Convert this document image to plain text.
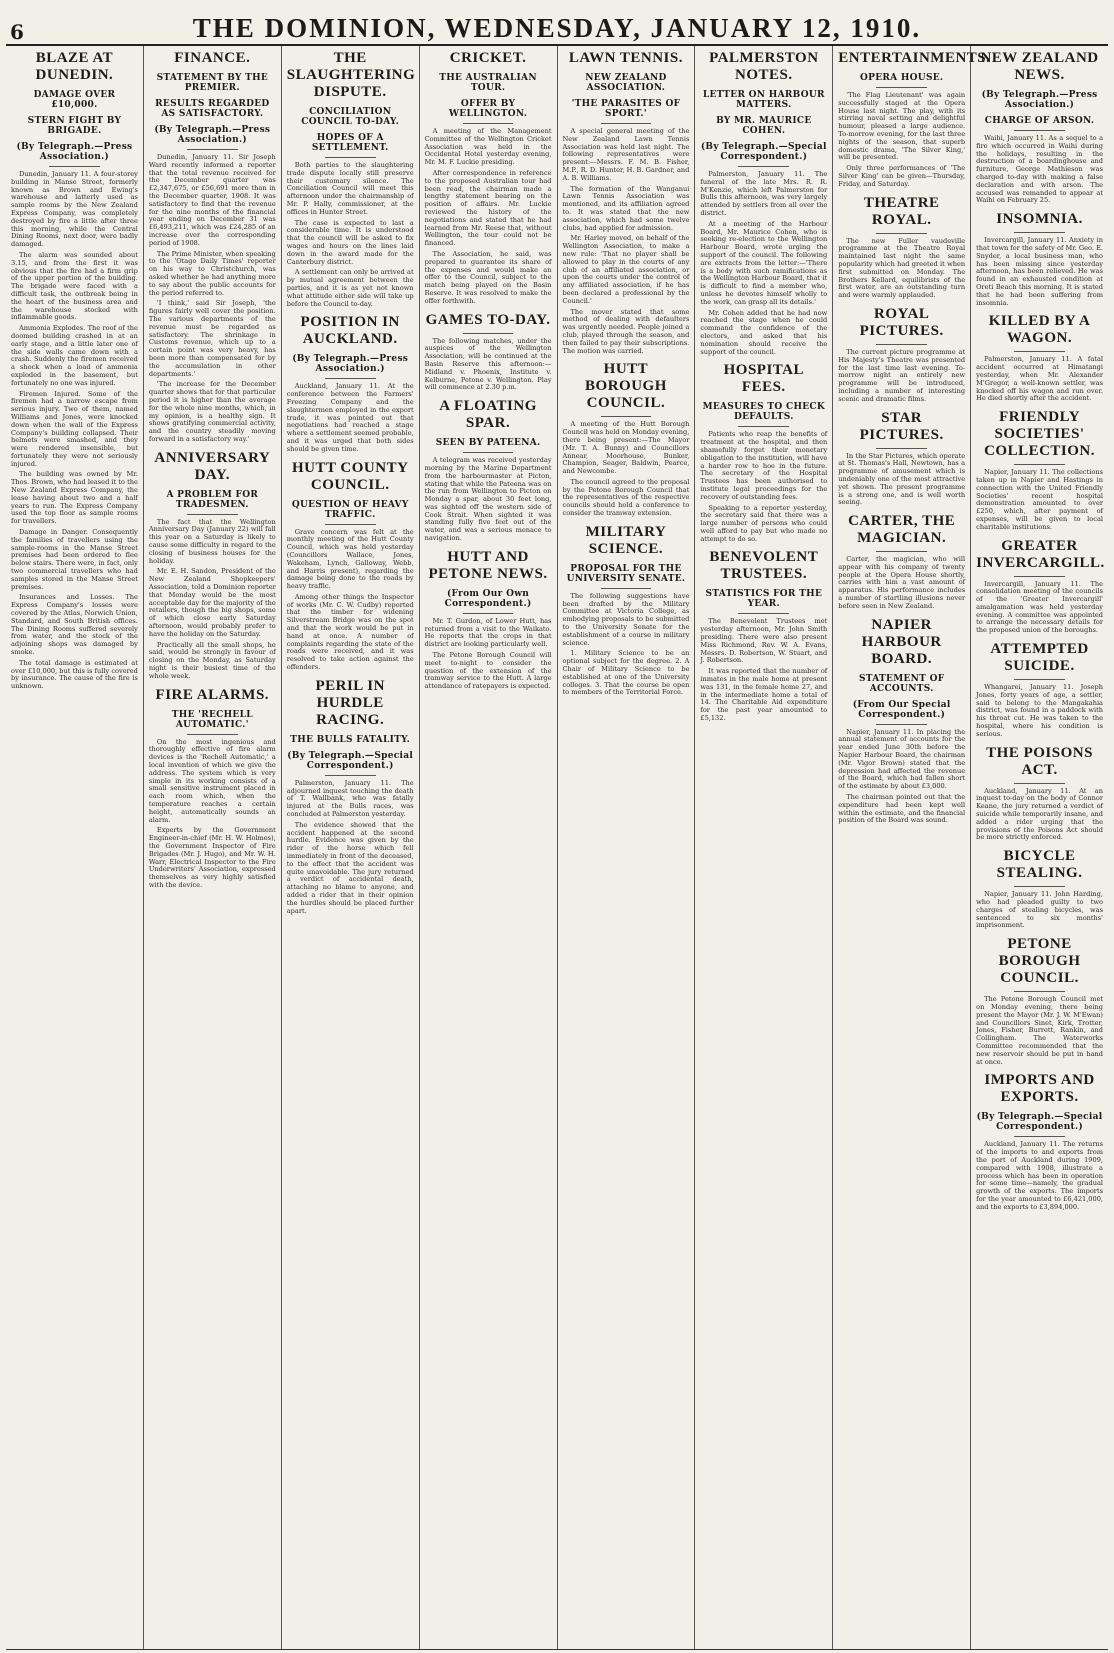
6	THE DOMINION, WEDNESDAY, JANUARY 12, 1910.
BLAZE AT DUNEDIN.
DAMAGE OVER £10,000.
STERN FIGHT BY BRIGADE.
(By Telegraph.—Press Association.)

Dunedin, January 11. A four-storey building in Manse Street, formerly known as Brown and Ewing's warehouse and latterly used as sample rooms by the New Zealand Express Company, was completely destroyed by fire a little after three this morning, while the Central Dining Rooms, next door, were badly damaged.

The alarm was sounded about 3.15, and from the first it was obvious that the fire had a firm grip of the upper portion of the building. The brigade were faced with a difficult task, the outbreak being in the heart of the business area and the warehouse stocked with inflammable goods.

Ammonia Explodes. The roof of the doomed building crashed in at an early stage, and a little later one of the side walls came down with a crash. Suddenly the firemen received a shock when a load of ammonia exploded in the basement, but fortunately no one was injured.

Firemen Injured. Some of the firemen had a narrow escape from serious injury. Two of them, named Williams and Jones, were knocked down when the wall of the Express Company's building collapsed. Their helmets were smashed, and they were rendered insensible, but fortunately they were not seriously injured.

The building was owned by Mr. Thos. Brown, who had leased it to the New Zealand Express Company, the lease having about two and a half years to run. The Express Company used the top floor as sample rooms for travellers.

Damage in Danger. Consequently the families of travellers using the sample-rooms in the Manse Street premises had been ordered to flee below stairs. There were, in fact, only two commercial travellers who had samples stored in the Manse Street premises.

Insurances and Losses. The Express Company's losses were covered by the Atlas, Norwich Union, Standard, and South British offices. The Dining Rooms suffered severely from water, and the stock of the adjoining shops was damaged by smoke.

The total damage is estimated at over £10,000, but this is fully covered by insurance. The cause of the fire is unknown.

FINANCE.
STATEMENT BY THE PREMIER.
RESULTS REGARDED AS SATISFACTORY.
(By Telegraph.—Press Association.)

Dunedin, January 11. Sir Joseph Ward recently informed a reporter that the total revenue received for the December quarter was £2,347,675, or £56,691 more than in the December quarter, 1908. It was satisfactory to find that the revenue for the nine months of the financial year ending on December 31 was £6,493,211, which was £24,285 of an increase over the corresponding period of 1908.

The Prime Minister, when speaking to the 'Otago Daily Times' reporter on his way to Christchurch, was asked whether he had anything more to say about the public accounts for the period referred to.

'I think,' said Sir Joseph, 'the figures fairly well cover the position. The various departments of the revenue must be regarded as satisfactory. The shrinkage in Customs revenue, which up to a certain point was very heavy, has been more than compensated for by the accumulation in other departments.'

'The increase for the December quarter shows that for that particular period it is higher than the average for the whole nine months, which, in my opinion, is a healthy sign. It shows gratifying commercial activity, and the country steadily moving forward in a satisfactory way.'

ANNIVERSARY DAY.
A PROBLEM FOR TRADESMEN.

The fact that the Wellington Anniversary Day (January 22) will fall this year on a Saturday is likely to cause some difficulty in regard to the closing of business houses for the holiday.

Mr. E. H. Sandon, President of the New Zealand Shopkeepers' Association, told a Dominion reporter that Monday would be the most acceptable day for the majority of the retailers, though the big shops, some of which close early Saturday afternoon, would probably prefer to have the holiday on the Saturday.

Practically all the small shops, he said, would be strongly in favour of closing on the Monday, as Saturday night is their busiest time of the whole week.

FIRE ALARMS.
THE 'RECHELL AUTOMATIC.'

On the most ingenious and thoroughly effective of fire alarm devices is the 'Rechell Automatic,' a local invention of which we give the address. The system which is very simple in its working consists of a small sensitive instrument placed in each room which, when the temperature reaches a certain height, automatically sounds an alarm.

Experts by the Government Engineer-in-chief (Mr. H. W. Holmes), the Government Inspector of Fire Brigades (Mr. J. Hugo), and Mr. W. H. Warr, Electrical Inspector to the Fire Underwriters' Association, expressed themselves as very highly satisfied with the device.

THE SLAUGHTERING DISPUTE.
CONCILIATION COUNCIL TO-DAY.
HOPES OF A SETTLEMENT.

Both parties to the slaughtering trade dispute locally still preserve their customary silence. The Conciliation Council will meet this afternoon under the chairmanship of Mr. P. Hally, commissioner, at the offices in Hunter Street.

The case is expected to last a considerable time. It is understood that the council will be asked to fix wages and hours on the lines laid down in the award made for the Canterbury district.

A settlement can only be arrived at by mutual agreement between the parties, and it is as yet not known what attitude either side will take up before the Council to-day.

POSITION IN AUCKLAND.
(By Telegraph.—Press Association.)

Auckland, January 11. At the conference between the Farmers' Freezing Company and the slaughtermen employed in the export trade, it was pointed out that negotiations had reached a stage where a settlement seemed probable, and it was urged that both sides should be given time.

HUTT COUNTY COUNCIL.
QUESTION OF HEAVY TRAFFIC.

Grave concern was felt at the monthly meeting of the Hutt County Council, which was held yesterday (Councillors Wallace, Jones, Wakeham, Lynch, Galloway, Webb, and Harris present), regarding the damage being done to the roads by heavy traffic.

Among other things the Inspector of works (Mr. C. W. Cudby) reported that the timber for widening Silverstream Bridge was on the spot and that the work would be put in hand at once. A number of complaints regarding the state of the roads were received, and it was resolved to take action against the offenders.

PERIL IN HURDLE RACING.
THE BULLS FATALITY.
(By Telegraph.—Special Correspondent.)

Palmerston, January 11. The adjourned inquest touching the death of T. Wallbank, who was fatally injured at the Bulls races, was concluded at Palmerston yesterday.

The evidence showed that the accident happened at the second hurdle. Evidence was given by the rider of the horse which fell immediately in front of the deceased, to the effect that the accident was quite unavoidable. The jury returned a verdict of accidental death, attaching no blame to anyone, and added a rider that in their opinion the hurdles should be placed further apart.

CRICKET.
THE AUSTRALIAN TOUR.
OFFER BY WELLINGTON.

A meeting of the Management Committee of the Wellington Cricket Association was held in the Occidental Hotel yesterday evening, Mr. M. F. Luckie presiding.

After correspondence in reference to the proposed Australian tour had been read, the chairman made a lengthy statement bearing on the position of affairs. Mr. Luckie reviewed the history of the negotiations and stated that he had learned from Mr. Reese that, without Wellington, the tour could not be financed.

The Association, he said, was prepared to guarantee its share of the expenses and would make an offer to the Council, subject to the match being played on the Basin Reserve. It was resolved to make the offer forthwith.

GAMES TO-DAY.

The following matches, under the auspices of the Wellington Association, will be continued at the Basin Reserve this afternoon:—Midland v. Phoenix, Institute v. Kelburne, Petone v. Wellington. Play will commence at 2.30 p.m.

A FLOATING SPAR.
SEEN BY PATEENA.

A telegram was received yesterday morning by the Marine Department from the harbourmaster at Picton, stating that while the Pateena was on the run from Wellington to Picton on Monday a spar, about 30 feet long, was sighted off the western side of Cook Strait. When sighted it was standing fully five feet out of the water, and was a serious menace to navigation.

HUTT AND PETONE NEWS.
(From Our Own Correspondent.)

Mr. T. Gurdon, of Lower Hutt, has returned from a visit to the Waikato. He reports that the crops in that district are looking particularly well.

The Petone Borough Council will meet to-night to consider the question of the extension of the tramway service to the Hutt. A large attendance of ratepayers is expected.

LAWN TENNIS.
NEW ZEALAND ASSOCIATION.
'THE PARASITES OF SPORT.'

A special general meeting of the New Zealand Lawn Tennis Association was held last night. The following representatives were present:—Messrs. F. M. B. Fisher, M.P., R. D. Hunter, H. B. Gardner, and A. B. Williams.

The formation of the Wanganui Lawn Tennis Association was mentioned, and its affiliation agreed to. It was stated that the new association, which had some twelve clubs, had applied for admission.

Mr. Harley moved, on behalf of the Wellington Association, to make a new rule: 'That no player shall be allowed to play in the courts of any club of an affiliated association, or upon the courts under the control of any affiliated association, if he has been declared a professional by the Council.'

The mover stated that some method of dealing with defaulters was urgently needed. People joined a club, played through the season, and then failed to pay their subscriptions. The motion was carried.

HUTT BOROUGH COUNCIL.

A meeting of the Hutt Borough Council was held on Monday evening, there being present:—The Mayor (Mr. T. A. Bunny) and Councillors Annear, Moorhouse, Bunker, Champion, Seager, Baldwin, Pearce, and Newcombe.

The council agreed to the proposal by the Petone Borough Council that the representatives of the respective councils should hold a conference to consider the tramway extension.

MILITARY SCIENCE.
PROPOSAL FOR THE UNIVERSITY SENATE.

The following suggestions have been drafted by the Military Committee at Victoria College, as embodying proposals to be submitted to the University Senate for the establishment of a course in military science.

1. Military Science to be an optional subject for the degree. 2. A Chair of Military Science to be established at one of the University colleges. 3. That the course be open to members of the Territorial Force.

PALMERSTON NOTES.
LETTER ON HARBOUR MATTERS.
BY MR. MAURICE COHEN.
(By Telegraph.—Special Correspondent.)

Palmerston, January 11. The funeral of the late Mrs. R. R. M'Kenzie, which left Palmerston for Bulls this afternoon, was very largely attended by settlers from all over the district.

At a meeting of the Harbour Board, Mr. Maurice Cohen, who is seeking re-election to the Wellington Harbour Board, wrote urging the support of the council. The following are extracts from the letter:—'There is a body with such ramifications as the Wellington Harbour Board, that it is difficult to find a member who, unless he devotes himself wholly to the work, can grasp all its details.'

Mr. Cohen added that he had now reached the stage when he could command the confidence of the electors, and asked that his nomination should receive the support of the council.

HOSPITAL FEES.
MEASURES TO CHECK DEFAULTS.

Patients who reap the benefits of treatment at the hospital, and then shamefully forget their monetary obligation to the institution, will have a harder row to hoe in the future. The secretary of the Hospital Trustees has been authorised to institute legal proceedings for the recovery of outstanding fees.

Speaking to a reporter yesterday, the secretary said that there was a large number of persons who could well afford to pay but who made no attempt to do so.

BENEVOLENT TRUSTEES.
STATISTICS FOR THE YEAR.

The Benevolent Trustees met yesterday afternoon, Mr. John Smith presiding. There were also present Miss Richmond, Rev. W. A. Evans, Messrs. D. Robertson, W. Stuart, and J. Robertson.

It was reported that the number of inmates in the male home at present was 131, in the female home 27, and in the intermediate home a total of 14. The Charitable Aid expenditure for the past year amounted to £5,132.

ENTERTAINMENTS.
OPERA HOUSE.

'The Flag Lieutenant' was again successfully staged at the Opera House last night. The play, with its stirring naval setting and delightful humour, pleased a large audience. To-morrow evening, for the last three nights of the season, that superb domestic drama, 'The Silver King,' will be presented.

Only three performances of 'The Silver King' can be given—Thursday, Friday, and Saturday.

THEATRE ROYAL.

The new Fuller vaudeville programme at the Theatre Royal maintained last night the same popularity which had greeted it when first submitted on Monday. The Brothers Kellard, equilibrists of the first water, are an outstanding turn and were warmly applauded.

ROYAL PICTURES.

The current picture programme at His Majesty's Theatre was presented for the last time last evening. To-morrow night an entirely new programme will be introduced, including a number of interesting scenic and dramatic films.

STAR PICTURES.

In the Star Pictures, which operate at St. Thomas's Hall, Newtown, has a programme of amusement which is undeniably one of the most attractive yet shown. The present programme is a strong one, and is well worth seeing.

CARTER, THE MAGICIAN.

Carter, the magician, who will appear with his company of twenty people at the Opera House shortly, carries with him a vast amount of apparatus. His performance includes a number of startling illusions never before seen in New Zealand.

NAPIER HARBOUR BOARD.
STATEMENT OF ACCOUNTS.
(From Our Special Correspondent.)

Napier, January 11. In placing the annual statement of accounts for the year ended June 30th before the Napier Harbour Board, the chairman (Mr. Vigor Brown) stated that the depression had affected the revenue of the Board, which had fallen short of the estimate by about £3,000.

The chairman pointed out that the expenditure had been kept well within the estimate, and the financial position of the Board was sound.

NEW ZEALAND NEWS.
(By Telegraph.—Press Association.)
CHARGE OF ARSON.

Waihi, January 11. As a sequel to a fire which occurred in Waihi during the holidays, resulting in the destruction of a boardinghouse and furniture, George Mathieson was charged to-day with making a false declaration and with arson. The accused was remanded to appear at Waihi on February 25.

INSOMNIA.

Invercargill, January 11. Anxiety in that town for the safety of Mr. Geo. E. Snyder, a local business man, who has been missing since yesterday afternoon, has been relieved. He was found in an exhausted condition at Oreti Beach this morning. It is stated that he had been suffering from insomnia.

KILLED BY A WAGON.

Palmerston, January 11. A fatal accident occurred at Himatangi yesterday, when Mr. Alexander M'Gregor, a well-known settler, was knocked off his wagon and run over. He died shortly after the accident.

FRIENDLY SOCIETIES' COLLECTION.

Napier, January 11. The collections taken up in Napier and Hastings in connection with the United Friendly Societies' recent hospital demonstration amounted to over £250, which, after payment of expenses, will be given to local charitable institutions.

GREATER INVERCARGILL.

Invercargill, January 11. The consolidation meeting of the councils of the 'Greater Invercargill' amalgamation was held yesterday evening. A committee was appointed to arrange the necessary details for the proposed union of the boroughs.

ATTEMPTED SUICIDE.

Whangarei, January 11. Joseph Jones, forty years of age, a settler, said to belong to the Mangakahia district, was found in a paddock with his throat cut. He was taken to the hospital, where his condition is serious.

THE POISONS ACT.

Auckland, January 11. At an inquest to-day on the body of Connor Keane, the jury returned a verdict of suicide while temporarily insane, and added a rider urging that the provisions of the Poisons Act should be more strictly enforced.

BICYCLE STEALING.

Napier, January 11. John Harding, who had pleaded guilty to two charges of stealing bicycles, was sentenced to six months' imprisonment.

PETONE BOROUGH COUNCIL.

The Petone Borough Council met on Monday evening, there being present the Mayor (Mr. J. W. M'Ewan) and Councillors Sinet, Kirk, Trotter, Jones, Fisher, Burrett, Rankin, and Collingham. The Waterworks Committee recommended that the new reservoir should be put in hand at once.

IMPORTS AND EXPORTS.
(By Telegraph.—Special Correspondent.)

Auckland, January 11. The returns of the imports to and exports from the port of Auckland during 1909, compared with 1908, illustrate a process which has been in operation for some time—namely, the gradual growth of the exports. The imports for the year amounted to £6,421,000, and the exports to £3,894,000.
